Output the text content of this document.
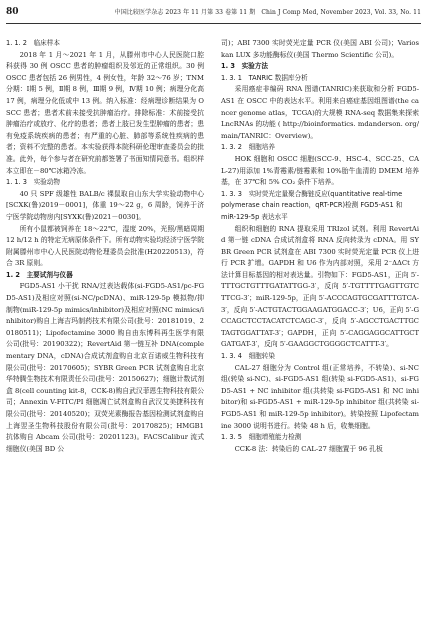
80	中国比较医学杂志 2023 年 11 月第 33 卷第 11 期　Chin J Comp Med, November 2023, Vol. 33, No. 11
1. 1. 2　临床样本

2018 年 1 月～2021 年 1 月，从滕州市中心人民医院口腔科获得 30 例 OSCC 患者的肿瘤组织及邻近的正常组织。30 例 OSCC 患者包括 26 例男性，4 例女性，年龄 32～76 岁；TNM 分期：Ⅰ期 5 例，Ⅱ期 8 例，Ⅲ期 9 例，Ⅳ期 10 例；病理分化高 17 例，病理分化低或中 13 例。纳入标准：经病理诊断结果为 OSCC 患者；患者术前未接受抗肿瘤治疗。排除标准：术前接受抗肿瘤治疗或放疗、化疗的患者；患者上肢已发生型肿瘤的患者；患有免疫系统疾病的患者；有严重的心脏、肺部等系统性疾病的患者；资料不完整的患者。本实验获得本院科研伦理审查委员会的批准。此外，每个参与者在研究前都签署了书面知情同意书。组织样本立即在－80℃冰箱冷冻。

1. 1. 3　实验动物

40 只 SPF 级雄性 BALB/c 裸鼠取自山东大学实验动物中心[SCXK(鲁)2019－0001]，体重 19～22 g，6 周龄，饲养于济宁医学院动物房内[SYXK(鲁)2021－0030]。

所有小鼠都被饲养在 18～22℃，湿度 20%，光照/黑暗周期 12 h/12 h 的特定无病原体条件下。所有动物实验均经济宁医学院附属滕州市中心人民医院动物伦理委员会批准(H20220513)，符合 3R 原则。

1. 2　主要试剂与仪器

FGD5-AS1 小干扰 RNA/过表达载体(si-FGD5-AS1/pc-FGD5-AS1)及相应对照(si-NC/pcDNA)、miR-129-5p 模拟物/抑制物(miR-129-5p mimics/inhibitor)及相应对照(NC mimics/inhibitor)购自上海吉玛制药技术有限公司(批号：20181019、20180511)；Lipofectamine 3000 购自由东博科再生医学有限公司(批号：20190322)；RevertAid 第一链互补 DNA(complementary DNA，cDNA)合成试剂盒购自北京百诺威生物科技有限公司(批号：20170605)；SYBR Green PCR 试剂盒购自北京华特腾生物技术有限责任公司(批号：20150627)；细胞计数试剂盒 8(cell counting kit-8，CCK-8)购自武汉菲恩生物科技有限公司；Annexin V-FITC/PI 细胞凋亡试剂盒购自武汉艾美捷科技有限公司(批号：20140520)；双荧光素酶报告基因检测试剂盒购自上海翌圣生物科技股份有限公司(批号：20170825)；HMGB1 抗体购自 Abcam 公司(批号：20201123)。FACSCalibur 流式细胞仪(美国 BD 公

司)；ABI 7300 实时荧光定量 PCR 仪(美国 ABI 公司)；Varioskan LUX 多功能酶标仪(美国 Thermo Scientific 公司)。

1. 3　实验方法
1. 3. 1　TANRIC 数据库分析

采用癌症非编码 RNA 图谱(TANRIC)来获取和分析 FGD5-AS1 在 OSCC 中的表达水平。利用来自癌症基因组图谱(the cancer genome atlas，TCGA)的大规模 RNA-seq 数据集来探索 LncRNAs 的功能 ( http://bioinformatics. mdanderson. org/main/TANRIC：Overview)。

1. 3. 2　细胞培养

HOK 细胞和 OSCC 细胞(SCC-9、HSC-4、SCC-25、CAL-27)用添加 1%青霉素/链霉素和 10%胎牛血清的 DMEM 培养基，在 37℃和 5% CO₂ 条件下培养。

1. 3. 3　实时荧光定量聚合酶链反应(quantitative real-time polymerase chain reaction，qRT-PCR)检测 FGD5-AS1 和 miR-129-5p 表达水平

组织和细胞的 RNA 提取采用 TRIzol 试剂。利用 RevertAid 第一链 cDNA 合成试剂盒将 RNA 反向转录为 cDNA。用 SYBR Green PCR 试剂盒在 ABI 7300 实时荧光定量 PCR 仪上进行 PCR 扩增。GAPDH 和 U6 作为内部对照，采用 2⁻ΔΔCt 方法计算目标基因的相对表达量。引物如下：FGD5-AS1，正向 5′-TTTGCTGTTTGATATTGG-3′，反向 5′-TGTTTTGAGTTGTCTTCG-3′；miR-129-5p，正向 5′-ACCCAGTGCGATTTGTCA-3′，反向 5′-ACTGTACTGGAAGATGGACC-3′；U6，正向 5′-GCCAGCTCCTACATCTCAGC-3′，反向 5′-AGCCTGACTTGCTAGTGGATTAT-3′；GAPDH，正向 5′-CAGGAGGCATTGCTGATGAT-3′，反向 5′-GAAGGCTGGGGCTCATTT-3′。

1. 3. 4　细胞转染

CAL-27 细胞分为 Control 组(正常培养，不转染)、si-NC 组(转染 si-NC)、si-FGD5-AS1 组(转染 si-FGD5-AS1)、si-FGD5-AS1 + NC inhibitor 组(共转染 si-FGD5-AS1 和 NC inhibitor)和 si-FGD5-AS1 + miR-129-5p inhibitor 组(共转染 si-FGD5-AS1 和 miR-129-5p inhibitor)。转染按照 Lipofectamine 3000 说明书进行。转染 48 h 后，收集细胞。

1. 3. 5　细胞增殖能力检测

CCK-8 法：转染后的 CAL-27 细胞置于 96 孔板
